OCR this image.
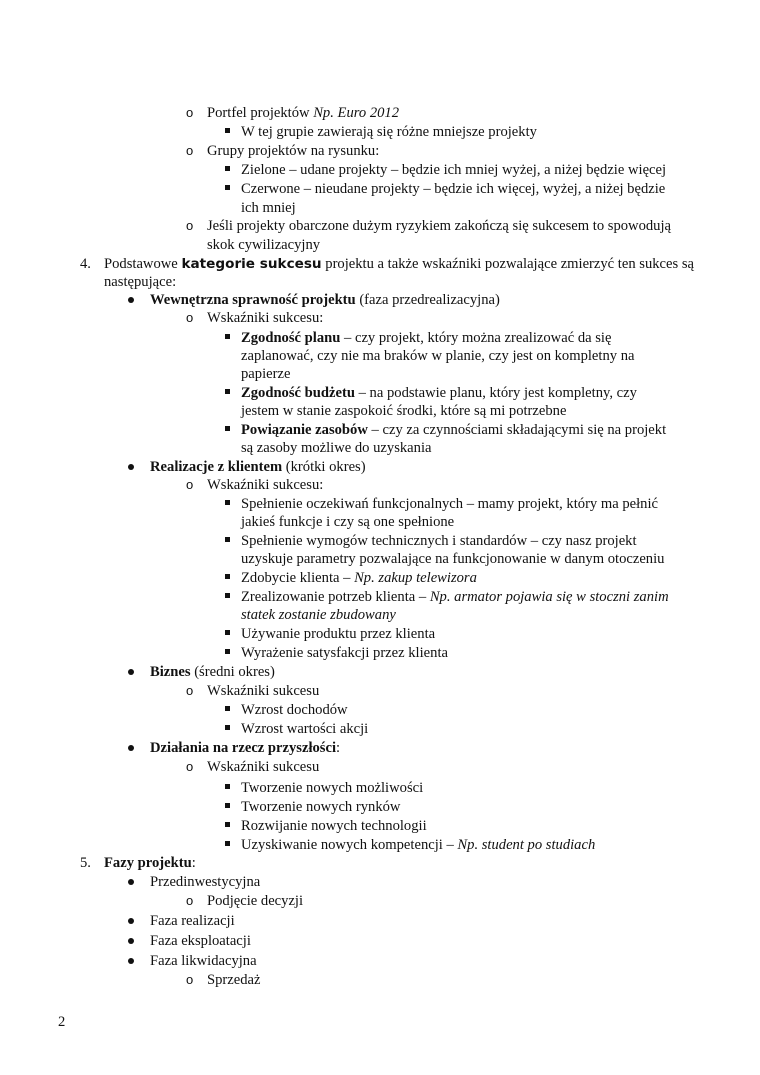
o Portfel projektów Np. Euro 2012
W tej grupie zawierają się różne mniejsze projekty
o Grupy projektów na rysunku:
Zielone – udane projekty – będzie ich mniej wyżej, a niżej będzie więcej
Czerwone – nieudane projekty – będzie ich więcej, wyżej, a niżej będzie
ich mniej
o Jeśli projekty obarczone dużym ryzykiem zakończą się sukcesem to spowodują
skok cywilizacyjny
4. Podstawowe kategorie sukcesu projektu a także wskaźniki pozwalające zmierzyć ten sukces są
następujące:
Wewnętrzna sprawność projektu (faza przedrealizacyjna)
o Wskaźniki sukcesu:
Zgodność planu – czy projekt, który można zrealizować da się
zaplanować, czy nie ma braków w planie, czy jest on kompletny na
papierze
Zgodność budżetu – na podstawie planu, który jest kompletny, czy
jestem w stanie zaspokoić środki, które są mi potrzebne
Powiązanie zasobów – czy za czynnościami składającymi się na projekt
są zasoby możliwe do uzyskania
Realizacje z klientem (krótki okres)
o Wskaźniki sukcesu:
Spełnienie oczekiwań funkcjonalnych – mamy projekt, który ma pełnić
jakieś funkcje i czy są one spełnione
Spełnienie wymogów technicznych i standardów – czy nasz projekt
uzyskuje parametry pozwalające na funkcjonowanie w danym otoczeniu
Zdobycie klienta – Np. zakup telewizora
Zrealizowanie potrzeb klienta – Np. armator pojawia się w stoczni zanim
statek zostanie zbudowany
Używanie produktu przez klienta
Wyrażenie satysfakcji przez klienta
Biznes (średni okres)
o Wskaźniki sukcesu
Wzrost dochodów
Wzrost wartości akcji
Działania na rzecz przyszłości:
o Wskaźniki sukcesu
Tworzenie nowych możliwości
Tworzenie nowych rynków
Rozwijanie nowych technologii
Uzyskiwanie nowych kompetencji – Np. student po studiach
5. Fazy projektu:
Przedinwestycyjna
o Podjęcie decyzji
Faza realizacji
Faza eksploatacji
Faza likwidacyjna
o Sprzedaż
2
